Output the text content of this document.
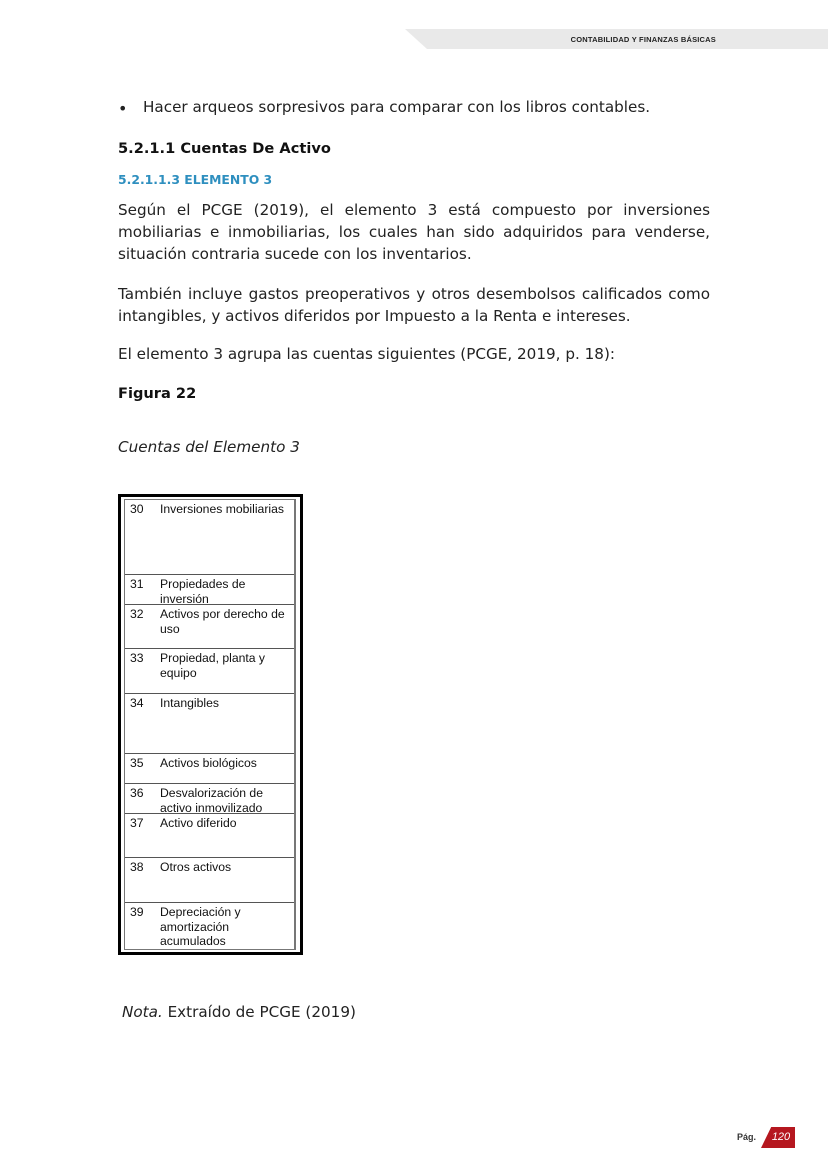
CONTABILIDAD Y FINANZAS BÁSICAS
• Hacer arqueos sorpresivos para comparar con los libros contables.
5.2.1.1 Cuentas De Activo
5.2.1.1.3 ELEMENTO 3
Según el PCGE (2019), el elemento 3 está compuesto por inversiones mobiliarias e inmobiliarias, los cuales han sido adquiridos para venderse, situación contraria sucede con los inventarios.
También incluye gastos preoperativos y otros desembolsos calificados como intangibles, y activos diferidos por Impuesto a la Renta e intereses.
El elemento 3 agrupa las cuentas siguientes (PCGE, 2019, p. 18):
Figura 22
Cuentas del Elemento 3
30	Inversiones mobiliarias
31	Propiedades de inversión
32	Activos por derecho de uso
33	Propiedad, planta y equipo
34	Intangibles
35	Activos biológicos
36	Desvalorización de activo inmovilizado
37	Activo diferido
38	Otros activos
39	Depreciación y amortización acumulados
Nota. Extraído de PCGE (2019)
Pág. 120
